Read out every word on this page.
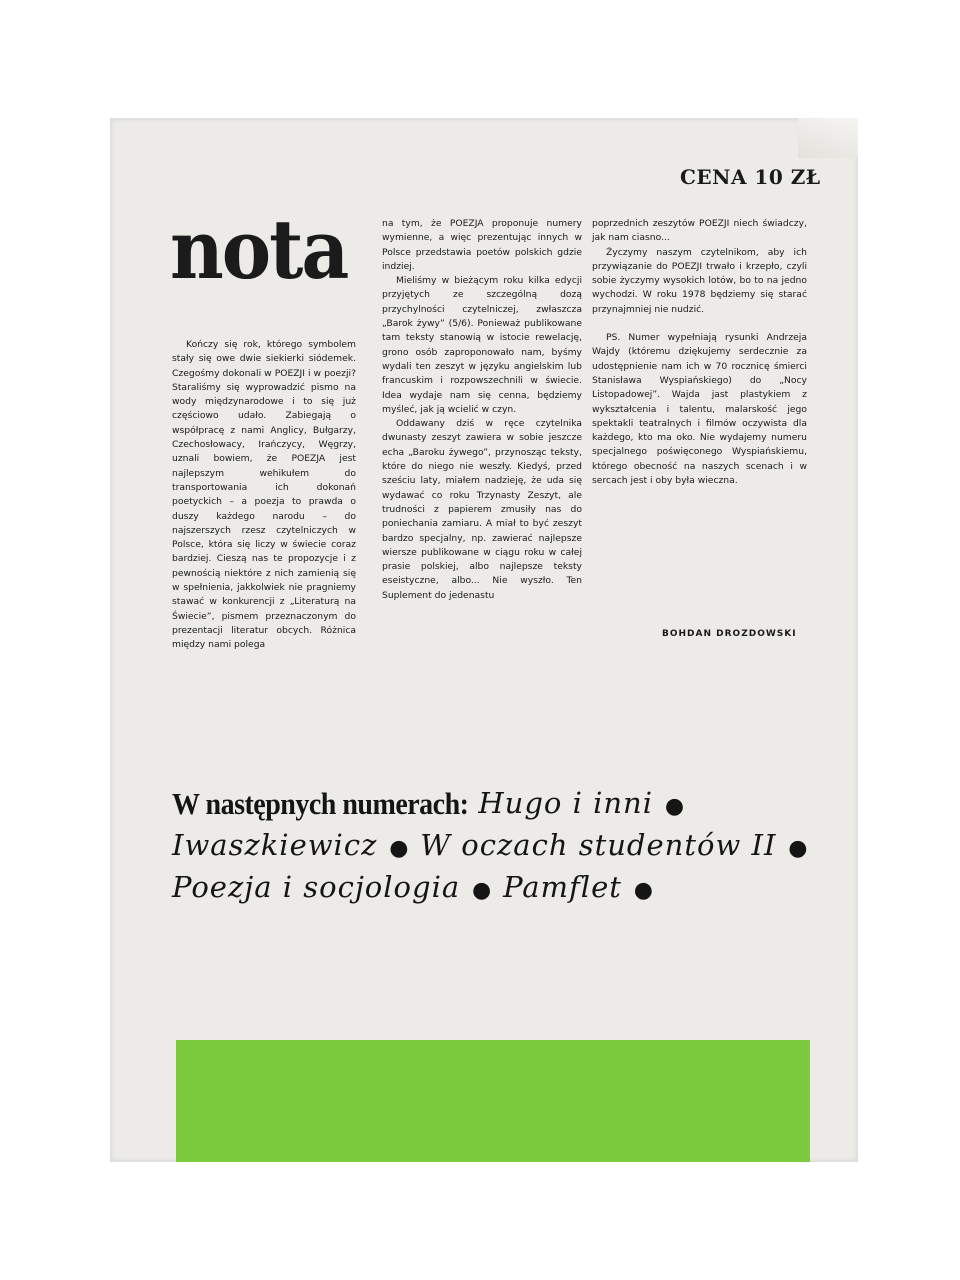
CENA 10 ZŁ
nota

Kończy się rok, którego symbolem stały się owe dwie siekierki siódemek. Czegośmy dokonali w POEZJI i w poezji? Staraliśmy się wyprowadzić pismo na wody międzynarodowe i to się już częściowo udało. Zabiegają o współpracę z nami Anglicy, Bułgarzy, Czechosłowacy, Irańczycy, Węgrzy, uznali bowiem, że POEZJA jest najlepszym wehikułem do transportowania ich dokonań poetyckich – a poezja to prawda o duszy każdego narodu – do najszerszych rzesz czytelniczych w Polsce, która się liczy w świecie coraz bardziej. Cieszą nas te propozycje i z pewnością niektóre z nich zamienią się w spełnienia, jakkolwiek nie pragniemy stawać w konkurencji z „Literaturą na Świecie”, pismem przeznaczonym do prezentacji literatur obcych. Różnica między nami polega

na tym, że POEZJA proponuje numery wymienne, a więc prezentując innych w Polsce przedstawia poetów polskich gdzie indziej.

Mieliśmy w bieżącym roku kilka edycji przyjętych ze szczególną dozą przychylności czytelniczej, zwłaszcza „Barok żywy” (5/6). Ponieważ publikowane tam teksty stanowią w istocie rewelację, grono osób zaproponowało nam, byśmy wydali ten zeszyt w języku angielskim lub francuskim i rozpowszechnili w świecie. Idea wydaje nam się cenna, będziemy myśleć, jak ją wcielić w czyn.

Oddawany dziś w ręce czytelnika dwunasty zeszyt zawiera w sobie jeszcze echa „Baroku żywego”, przynosząc teksty, które do niego nie weszły. Kiedyś, przed sześciu laty, miałem nadzieję, że uda się wydawać co roku Trzynasty Zeszyt, ale trudności z papierem zmusiły nas do poniechania zamiaru. A miał to być zeszyt bardzo specjalny, np. zawierać najlepsze wiersze publikowane w ciągu roku w całej prasie polskiej, albo najlepsze teksty eseistyczne, albo... Nie wyszło. Ten Suplement do jedenastu

poprzednich zeszytów POEZJI niech świadczy, jak nam ciasno...

Życzymy naszym czytelnikom, aby ich przywiązanie do POEZJI trwało i krzepło, czyli sobie życzymy wysokich lotów, bo to na jedno wychodzi. W roku 1978 będziemy się starać przynajmniej nie nudzić.

PS. Numer wypełniają rysunki Andrzeja Wajdy (któremu dziękujemy serdecznie za udostępnienie nam ich w 70 rocznicę śmierci Stanisława Wyspiańskiego) do „Nocy Listopadowej”. Wajda jast plastykiem z wykształcenia i talentu, malarskość jego spektakli teatralnych i filmów oczywista dla każdego, kto ma oko. Nie wydajemy numeru specjalnego poświęconego Wyspiańskiemu, którego obecność na naszych scenach i w sercach jest i oby była wieczna.

BOHDAN DROZDOWSKI
W następnych numerach: Hugo i inni ● Iwaszkiewicz ● W oczach studentów II ● Poezja i socjologia ● Pamflet ●
